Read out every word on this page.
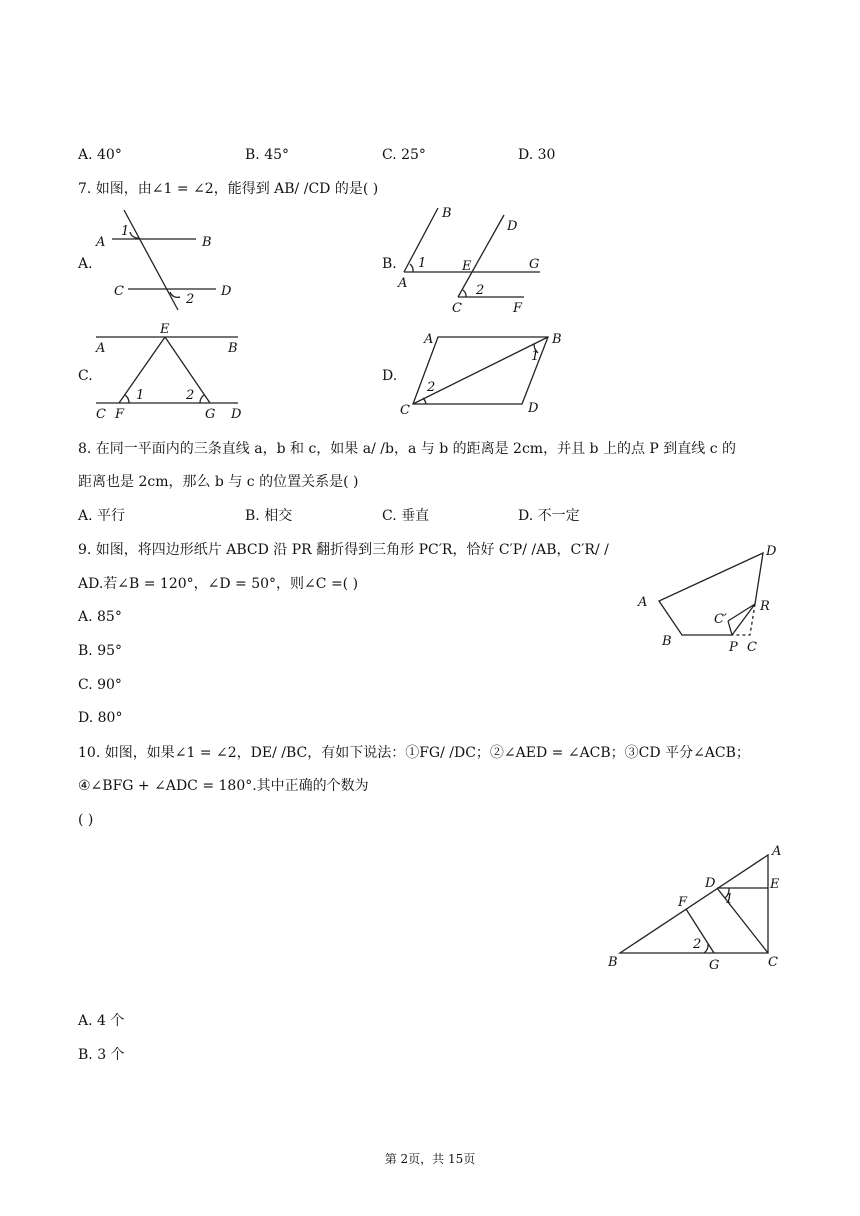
A. 40°	B. 45°	C. 25°	D. 30
7. 如图，由∠1 = ∠2，能得到 AB/ /CD 的是( )
A.	B.
C.	D.
A	B
C	D
1
2
B
D
A
E	G
C	F
1
2
E
A	B
C F	G D
1	2
A	B
C	D
1
2
8. 在同一平面内的三条直线 a，b 和 c，如果 a/ /b，a 与 b 的距离是 2cm，并且 b 上的点 P 到直线 c 的
距离也是 2cm，那么 b 与 c 的位置关系是( )
A. 平行	B. 相交	C. 垂直	D. 不一定
9. 如图，将四边形纸片 ABCD 沿 PR 翻折得到三角形 PC′R，恰好 C′P/ /AB，C′R/ /
AD.若∠B = 120°，∠D = 50°，则∠C =( )
A. 85°
B. 95°
C. 90°
D. 80°
D
A
B
R
C′
P C
10. 如图，如果∠1 = ∠2，DE/ /BC，有如下说法：①FG/ /DC；②∠AED = ∠ACB；③CD 平分∠ACB；
④∠BFG + ∠ADC = 180°.其中正确的个数为
( )
A
D	E
F
B	G	C
1
2
A. 4 个
B. 3 个
第 2页，共 15页
